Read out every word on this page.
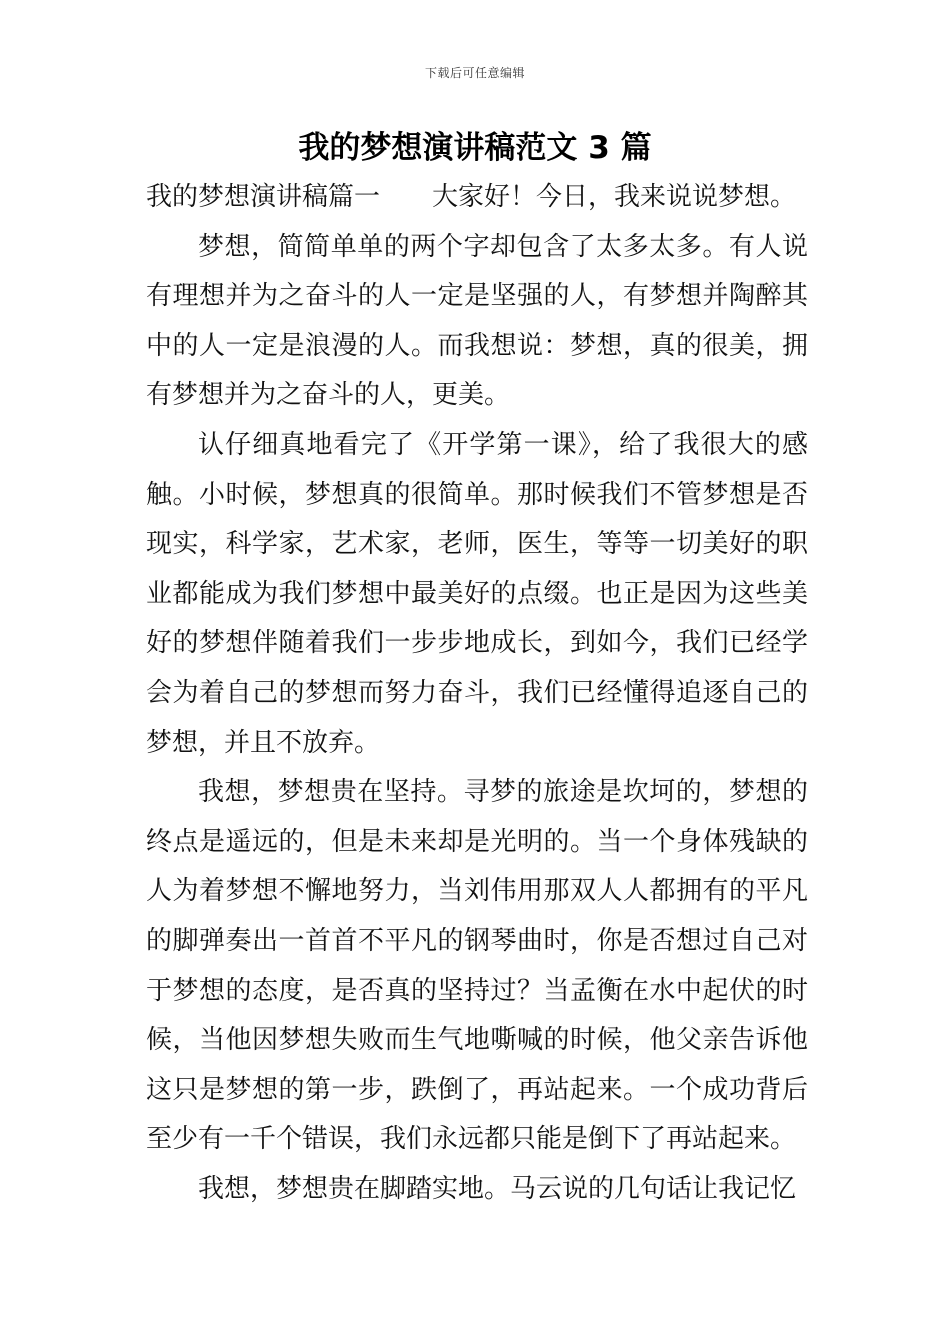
下载后可任意编辑
我的梦想演讲稿范文 3 篇

我的梦想演讲稿篇一 大家好！今日，我来说说梦想。

梦想，简简单单的两个字却包含了太多太多。有人说有理想并为之奋斗的人一定是坚强的人，有梦想并陶醉其中的人一定是浪漫的人。而我想说：梦想，真的很美，拥有梦想并为之奋斗的人，更美。

认仔细真地看完了《开学第一课》，给了我很大的感触。小时候，梦想真的很简单。那时候我们不管梦想是否现实，科学家，艺术家，老师，医生，等等一切美好的职业都能成为我们梦想中最美好的点缀。也正是因为这些美好的梦想伴随着我们一步步地成长，到如今，我们已经学会为着自己的梦想而努力奋斗，我们已经懂得追逐自己的梦想，并且不放弃。

我想，梦想贵在坚持。寻梦的旅途是坎坷的，梦想的终点是遥远的，但是未来却是光明的。当一个身体残缺的人为着梦想不懈地努力，当刘伟用那双人人都拥有的平凡的脚弹奏出一首首不平凡的钢琴曲时，你是否想过自己对于梦想的态度，是否真的坚持过？当孟衡在水中起伏的时候，当他因梦想失败而生气地嘶喊的时候，他父亲告诉他这只是梦想的第一步，跌倒了，再站起来。一个成功背后至少有一千个错误，我们永远都只能是倒下了再站起来。

我想，梦想贵在脚踏实地。马云说的几句话让我记忆
